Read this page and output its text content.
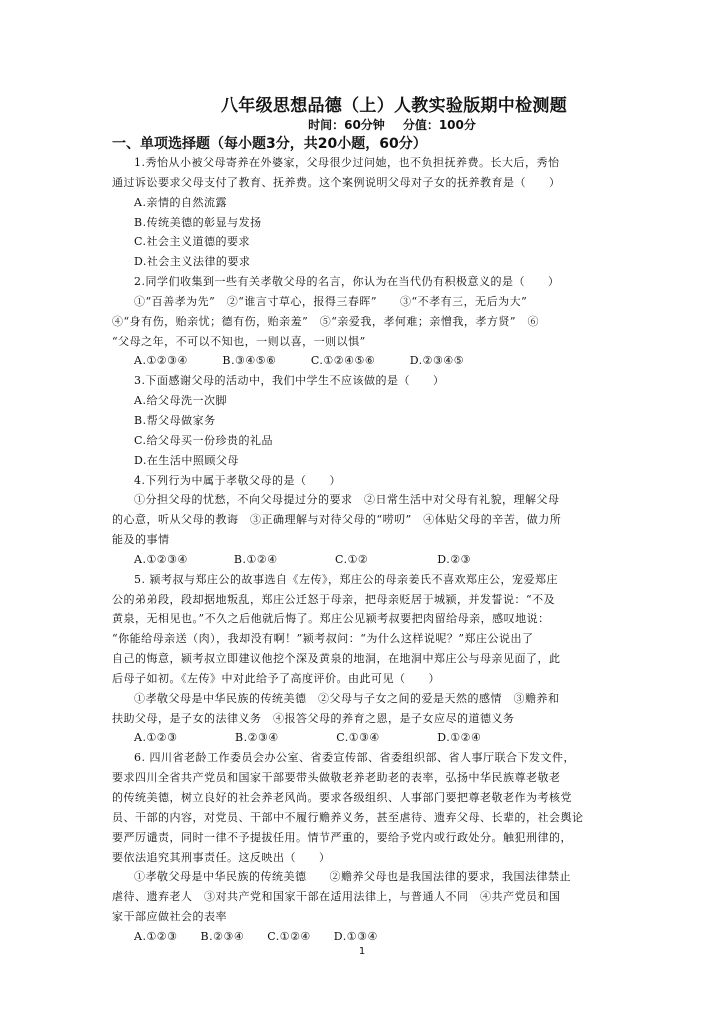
八年级思想品德（上）人教实验版期中检测题
时间：60分钟 分值：100分
一、单项选择题（每小题3分，共20小题，60分）

1.秀怡从小被父母寄养在外婆家，父母很少过问她，也不负担抚养费。长大后，秀怡

通过诉讼要求父母支付了教育、抚养费。这个案例说明父母对子女的抚养教育是（　　）

A.亲情的自然流露

B.传统美德的彰显与发扬

C.社会主义道德的要求

D.社会主义法律的要求

2.同学们收集到一些有关孝敬父母的名言，你认为在当代仍有积极意义的是（　　）

①“百善孝为先”　②“谁言寸草心，报得三春晖”　　③“不孝有三，无后为大”

④“身有伤，贻亲忧；德有伤，贻亲羞”　⑤“亲爱我，孝何难；亲憎我，孝方贤”　⑥

“父母之年，不可以不知也，一则以喜，一则以惧”

A.①②③④　　　B.③④⑤⑥　　　C.①②④⑤⑥　　　D.②③④⑤

3.下面感谢父母的活动中，我们中学生不应该做的是（　　）

A.给父母洗一次脚

B.帮父母做家务

C.给父母买一份珍贵的礼品

D.在生活中照顾父母

4.下列行为中属于孝敬父母的是（　　）

①分担父母的忧愁，不向父母提过分的要求　②日常生活中对父母有礼貌，理解父母

的心意，听从父母的教诲　③正确理解与对待父母的“唠叨”　④体贴父母的辛苦，做力所

能及的事情

A.①②③④　　　　B.①②④　　　　　C.①②　　　　　　D.②③

5. 颍考叔与郑庄公的故事选自《左传》，郑庄公的母亲姜氏不喜欢郑庄公，宠爱郑庄

公的弟弟段，段却据地叛乱，郑庄公迁怒于母亲，把母亲贬居于城颍，并发誓说：“不及

黄泉，无相见也。”不久之后他就后悔了。郑庄公见颍考叔要把肉留给母亲，感叹地说：

“你能给母亲送（肉），我却没有啊！”颍考叔问：“为什么这样说呢？”郑庄公说出了

自己的悔意，颍考叔立即建议他挖个深及黄泉的地洞，在地洞中郑庄公与母亲见面了，此

后母子如初。《左传》中对此给予了高度评价。由此可见（　　）

①孝敬父母是中华民族的传统美德　②父母与子女之间的爱是天然的感情　③赡养和

扶助父母，是子女的法律义务　④报答父母的养育之恩，是子女应尽的道德义务

A.①②③　　　　　B.②③④　　　　　C.①③④　　　　　D.①②④

6. 四川省老龄工作委员会办公室、省委宣传部、省委组织部、省人事厅联合下发文件，

要求四川全省共产党员和国家干部要带头做敬老养老助老的表率，弘扬中华民族尊老敬老

的传统美德，树立良好的社会养老风尚。要求各级组织、人事部门要把尊老敬老作为考核党

员、干部的内容，对党员、干部中不履行赡养义务，甚至虐待、遗弃父母、长辈的，社会舆论

要严厉谴责，同时一律不予提拔任用。情节严重的，要给予党内或行政处分。触犯刑律的，

要依法追究其刑事责任。这反映出（　　）

①孝敬父母是中华民族的传统美德　　②赡养父母也是我国法律的要求，我国法律禁止

虐待、遗弃老人　③对共产党和国家干部在适用法律上，与普通人不同　④共产党员和国

家干部应做社会的表率

A.①②③　　B.②③④　　C.①②④　　D.①③④

1
